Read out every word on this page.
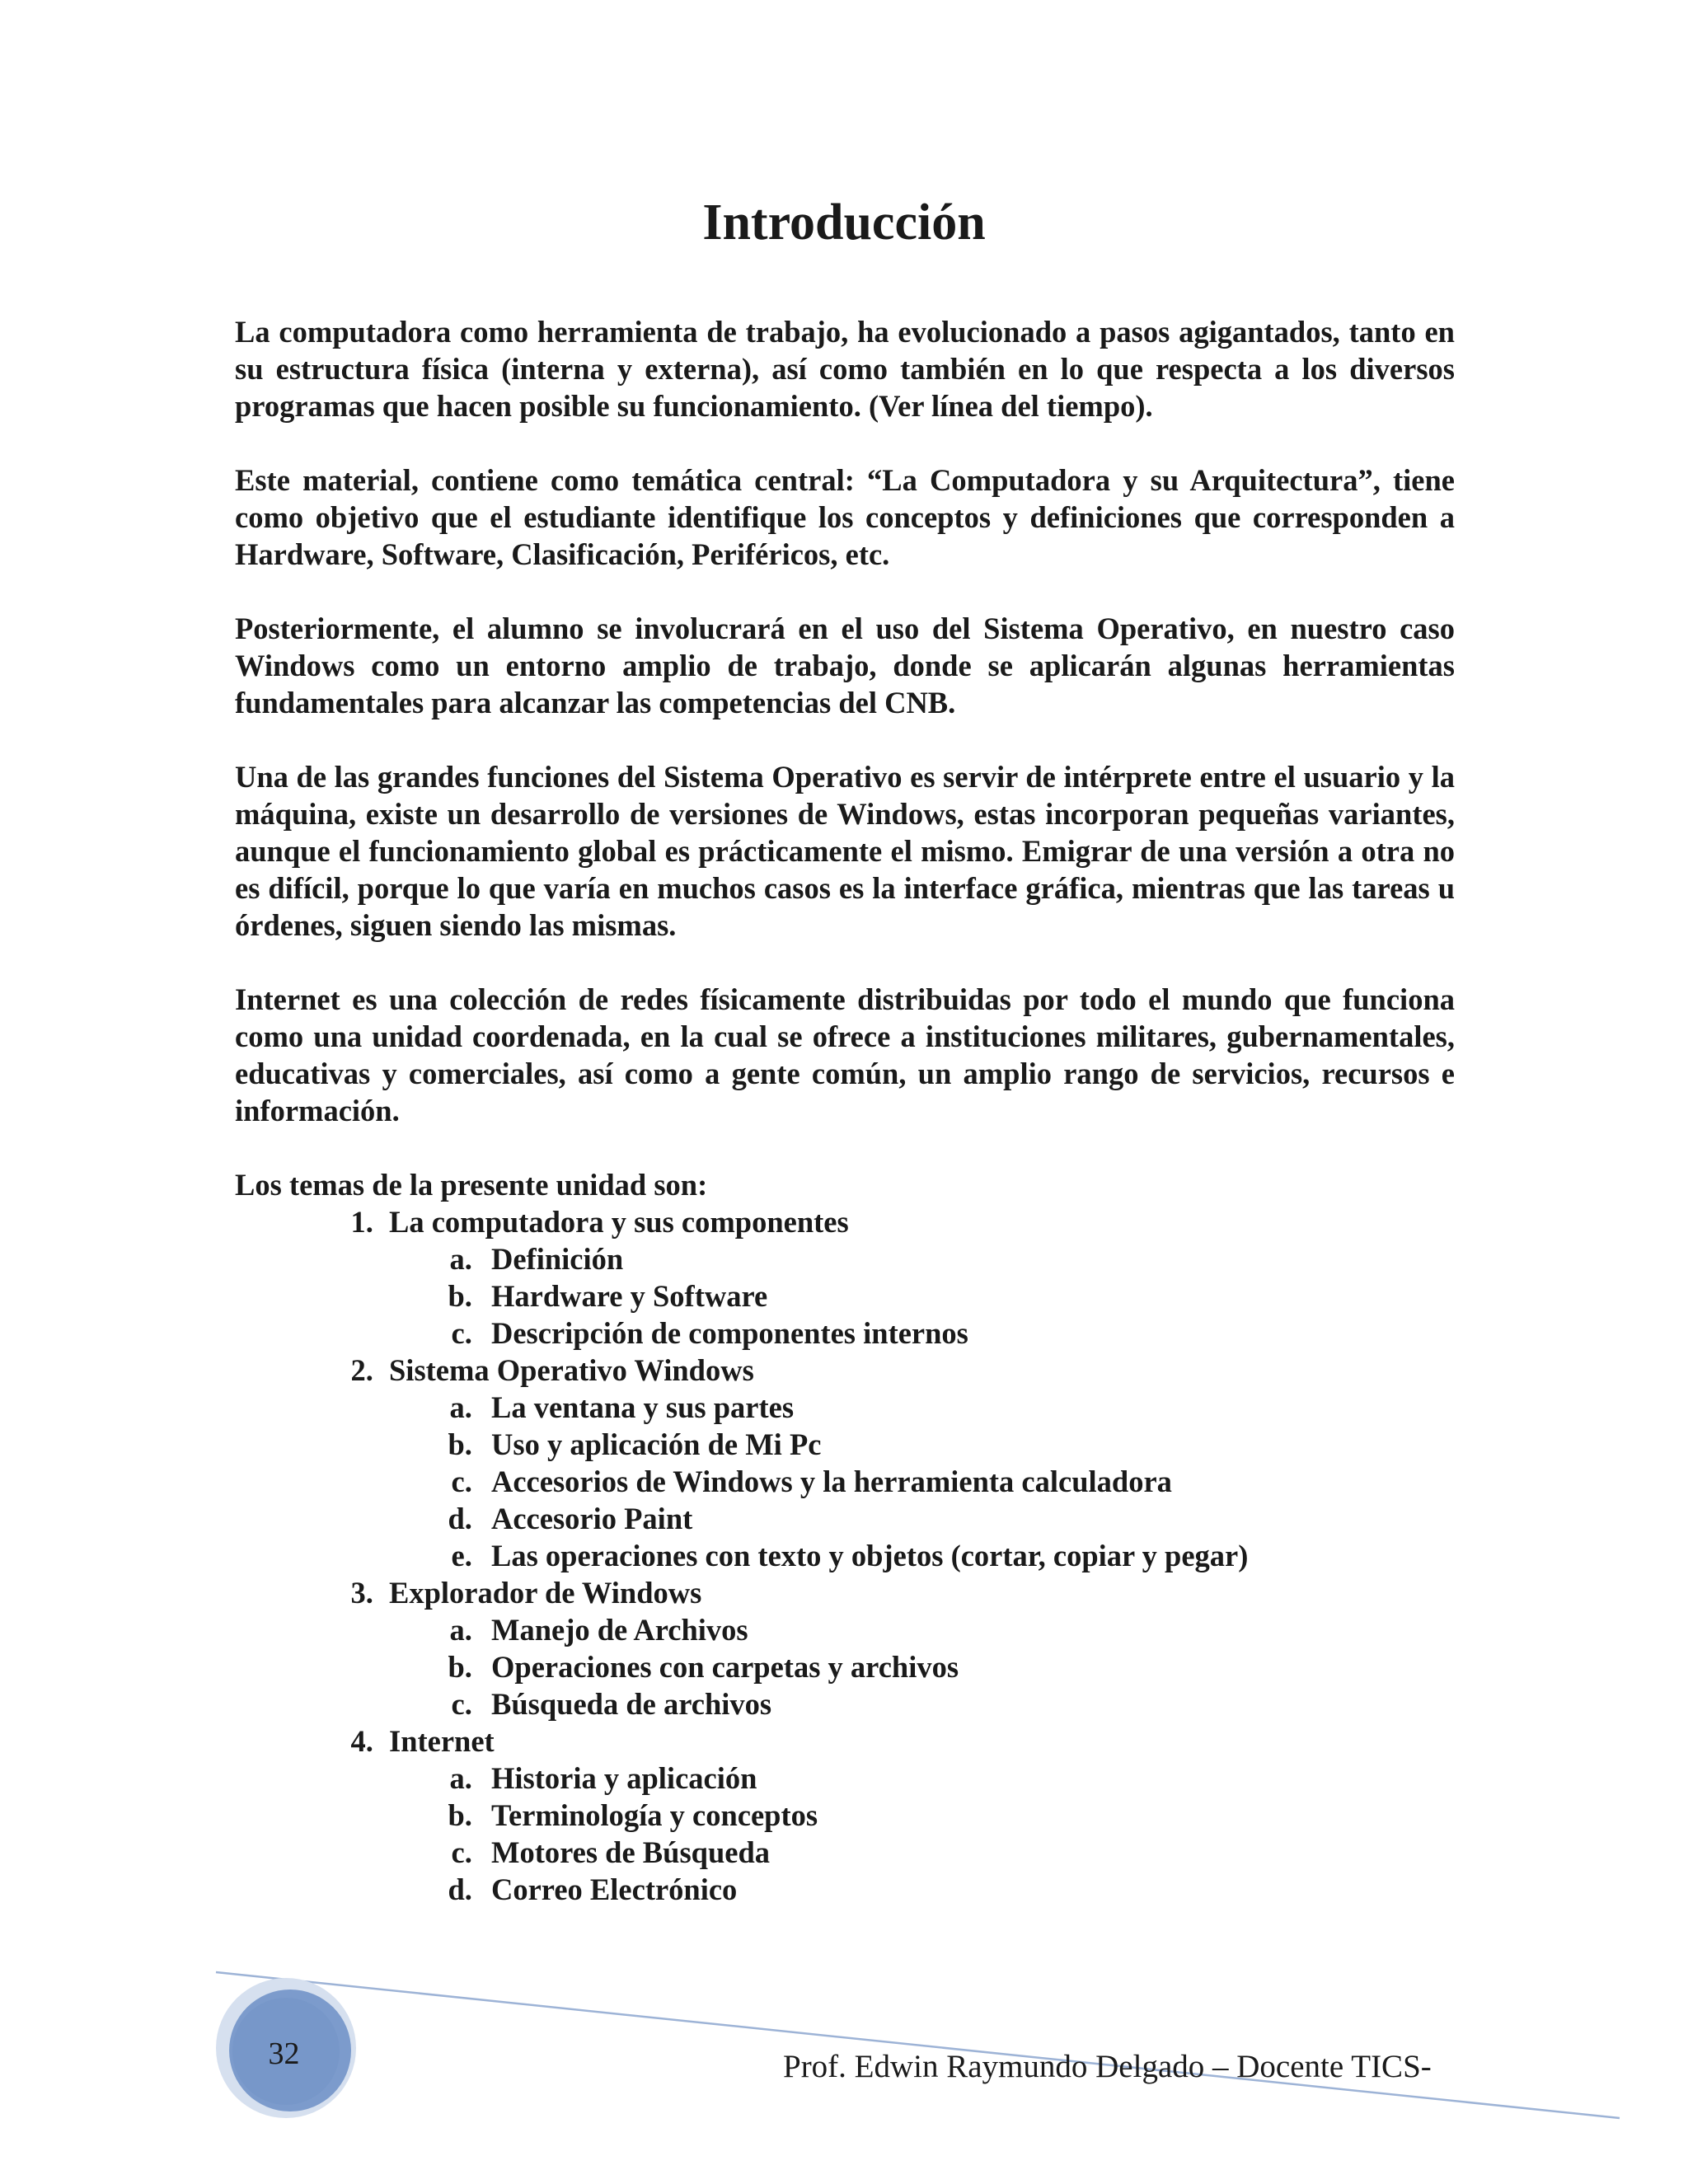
Introducción

La computadora como herramienta de trabajo, ha evolucionado a pasos agigantados, tanto en su estructura física (interna y externa), así como también en lo que respecta a los diversos programas que hacen posible su funcionamiento. (Ver línea del tiempo).

Este material, contiene como temática central: “La Computadora y su Arquitectura”, tiene como objetivo que el estudiante identifique los conceptos y definiciones que corresponden a Hardware, Software, Clasificación, Periféricos, etc.

Posteriormente, el alumno se involucrará en el uso del Sistema Operativo, en nuestro caso Windows como un entorno amplio de trabajo, donde se aplicarán algunas herramientas fundamentales para alcanzar las competencias del CNB.

Una de las grandes funciones del Sistema Operativo es servir de intérprete entre el usuario y la máquina, existe un desarrollo de versiones de Windows, estas incorporan pequeñas variantes, aunque el funcionamiento global es prácticamente el mismo. Emigrar de una versión a otra no es difícil, porque lo que varía en muchos casos es la interface gráfica, mientras que las tareas u órdenes, siguen siendo las mismas.

Internet es una colección de redes físicamente distribuidas por todo el mundo que funciona como una unidad coordenada, en la cual se ofrece a instituciones militares, gubernamentales, educativas y comerciales, así como a gente común, un amplio rango de servicios, recursos e información.

Los temas de la presente unidad son:

1. La computadora y sus componentes
a. Definición
b. Hardware y Software
c. Descripción de componentes internos
2. Sistema Operativo Windows
a. La ventana y sus partes
b. Uso y aplicación de Mi Pc
c. Accesorios de Windows y la herramienta calculadora
d. Accesorio Paint
e. Las operaciones con texto y objetos (cortar, copiar y pegar)
3. Explorador de Windows
a. Manejo de Archivos
b. Operaciones con carpetas y archivos
c. Búsqueda de archivos
4. Internet
a. Historia y aplicación
b. Terminología y conceptos
c. Motores de Búsqueda
d. Correo Electrónico
32	Prof. Edwin Raymundo Delgado – Docente TICS-
